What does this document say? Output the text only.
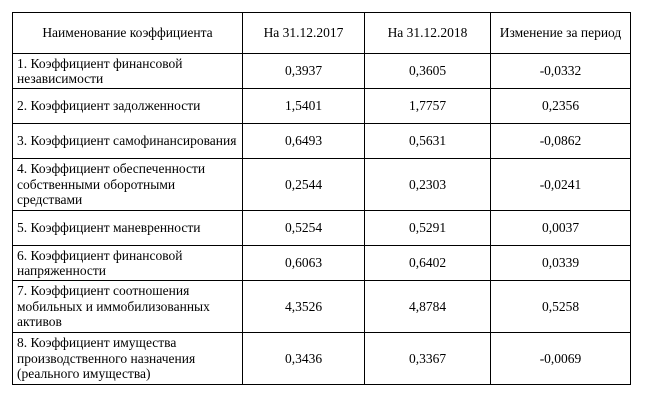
Наименование коэффициента	На 31.12.2017	На 31.12.2018	Изменение за период
1. Коэффициент финансовой независимости	0,3937	0,3605	-0,0332
2. Коэффициент задолженности	1,5401	1,7757	0,2356
3. Коэффициент самофинансирования	0,6493	0,5631	-0,0862
4. Коэффициент обеспеченности собственными оборотными средствами	0,2544	0,2303	-0,0241
5. Коэффициент маневренности	0,5254	0,5291	0,0037
6. Коэффициент финансовой напряженности	0,6063	0,6402	0,0339
7. Коэффициент соотношения мобильных и иммобилизованных активов	4,3526	4,8784	0,5258
8. Коэффициент имущества производственного назначения (реального имущества)	0,3436	0,3367	-0,0069
